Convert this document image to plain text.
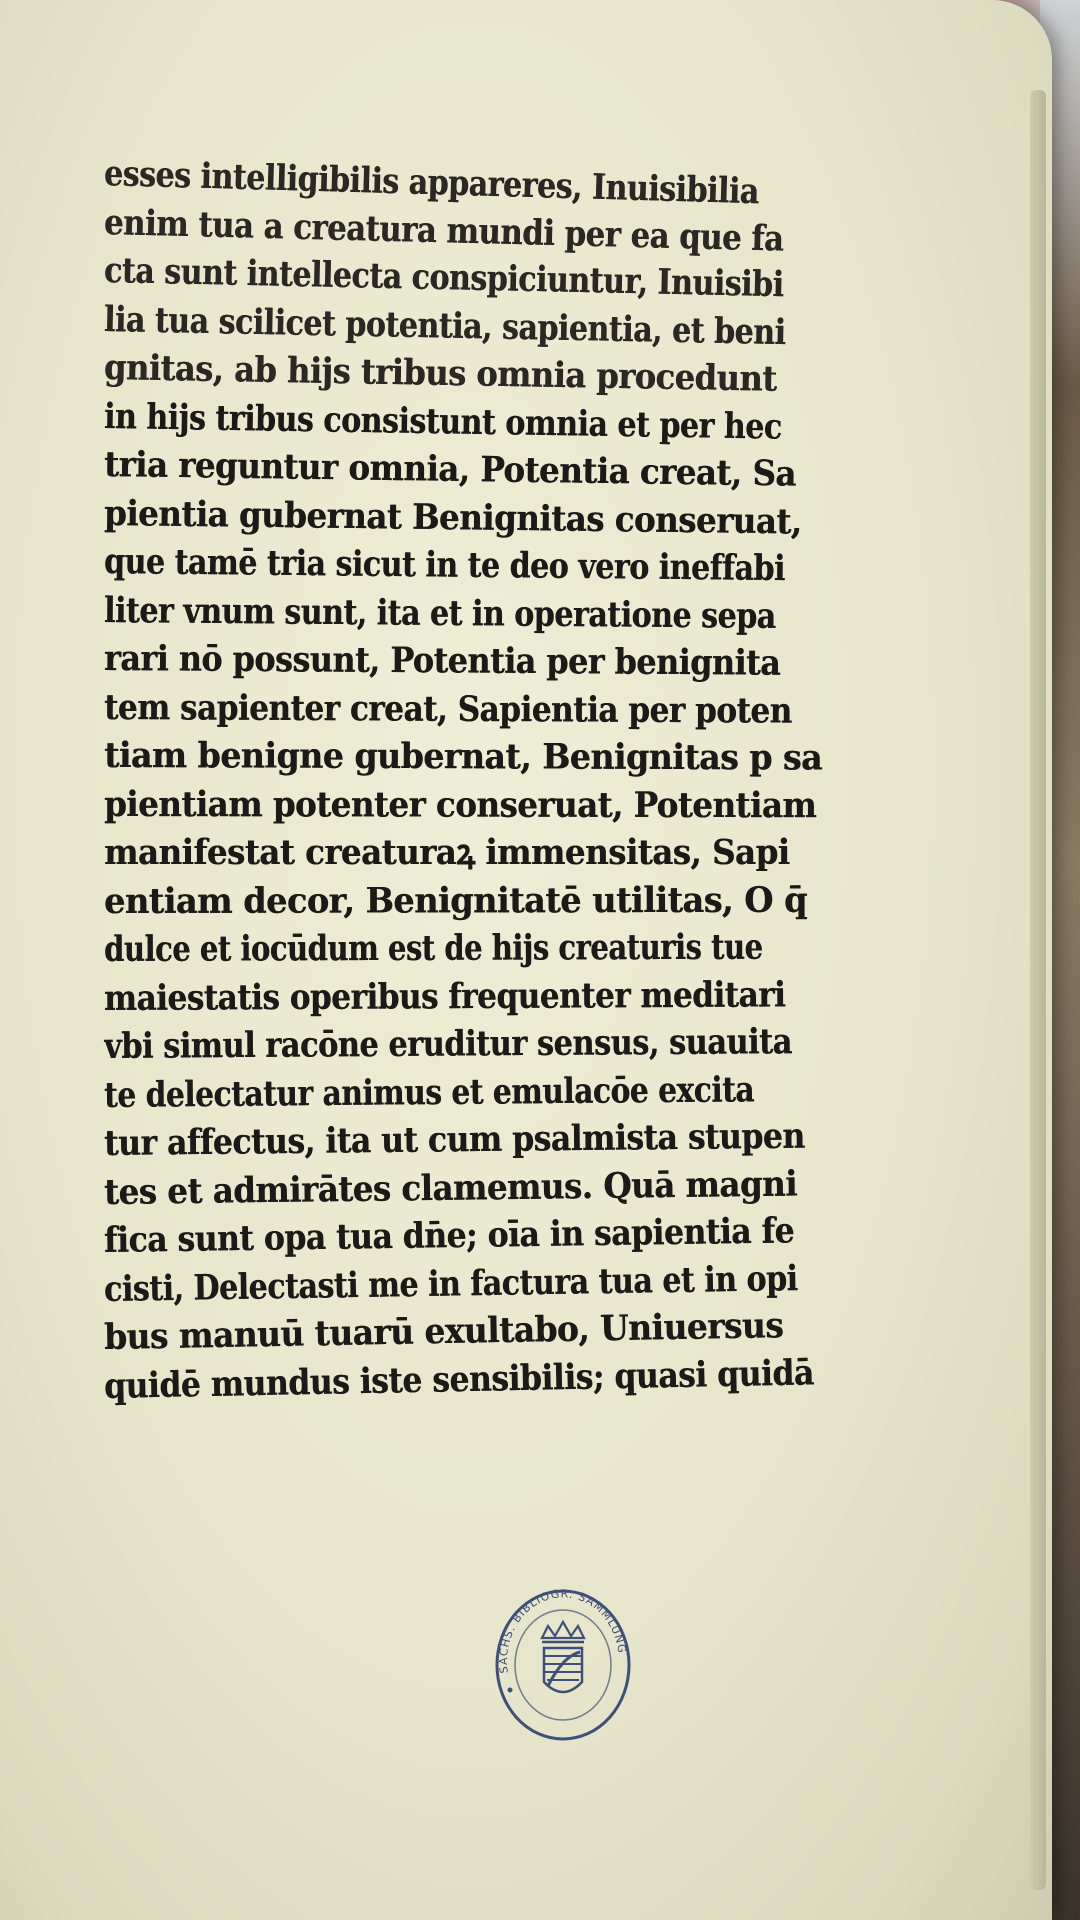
esses intelligibilis appareres, Inuisibilia
enim tua a creatura mundi per ea que fa
cta sunt intellecta conspiciuntur, Inuisibi
lia tua scilicet potentia, sapientia, et beni
gnitas, ab hijs tribus omnia procedunt
in hijs tribus consistunt omnia et per hec
tria reguntur omnia, Potentia creat, Sa
pientia gubernat Benignitas conseruat,
que tamē tria sicut in te deo vero ineffabi
liter vnum sunt, ita et in operatione sepa
rari nō possunt, Potentia per benignita
tem sapienter creat, Sapientia per poten
tiam benigne gubernat, Benignitas p sa
pientiam potenter conseruat, Potentiam
manifestat creaturaꝝ immensitas, Sapi
entiam decor, Benignitatē utilitas, O q̄
dulce et iocūdum est de hijs creaturis tue
maiestatis operibus frequenter meditari
vbi simul racōne eruditur sensus, suauita
te delectatur animus et emulacōe excita
tur affectus, ita ut cum psalmista stupen
tes et admirātes clamemus. Quā magni
fica sunt opa tua dn̄e; oīa in sapientia fe
cisti, Delectasti me in factura tua et in opi
bus manuū tuarū exultabo, Uniuersus
quidē mundus iste sensibilis; quasi quidā
SÄCHS. BIBLIOGR. SAMMLUNG
